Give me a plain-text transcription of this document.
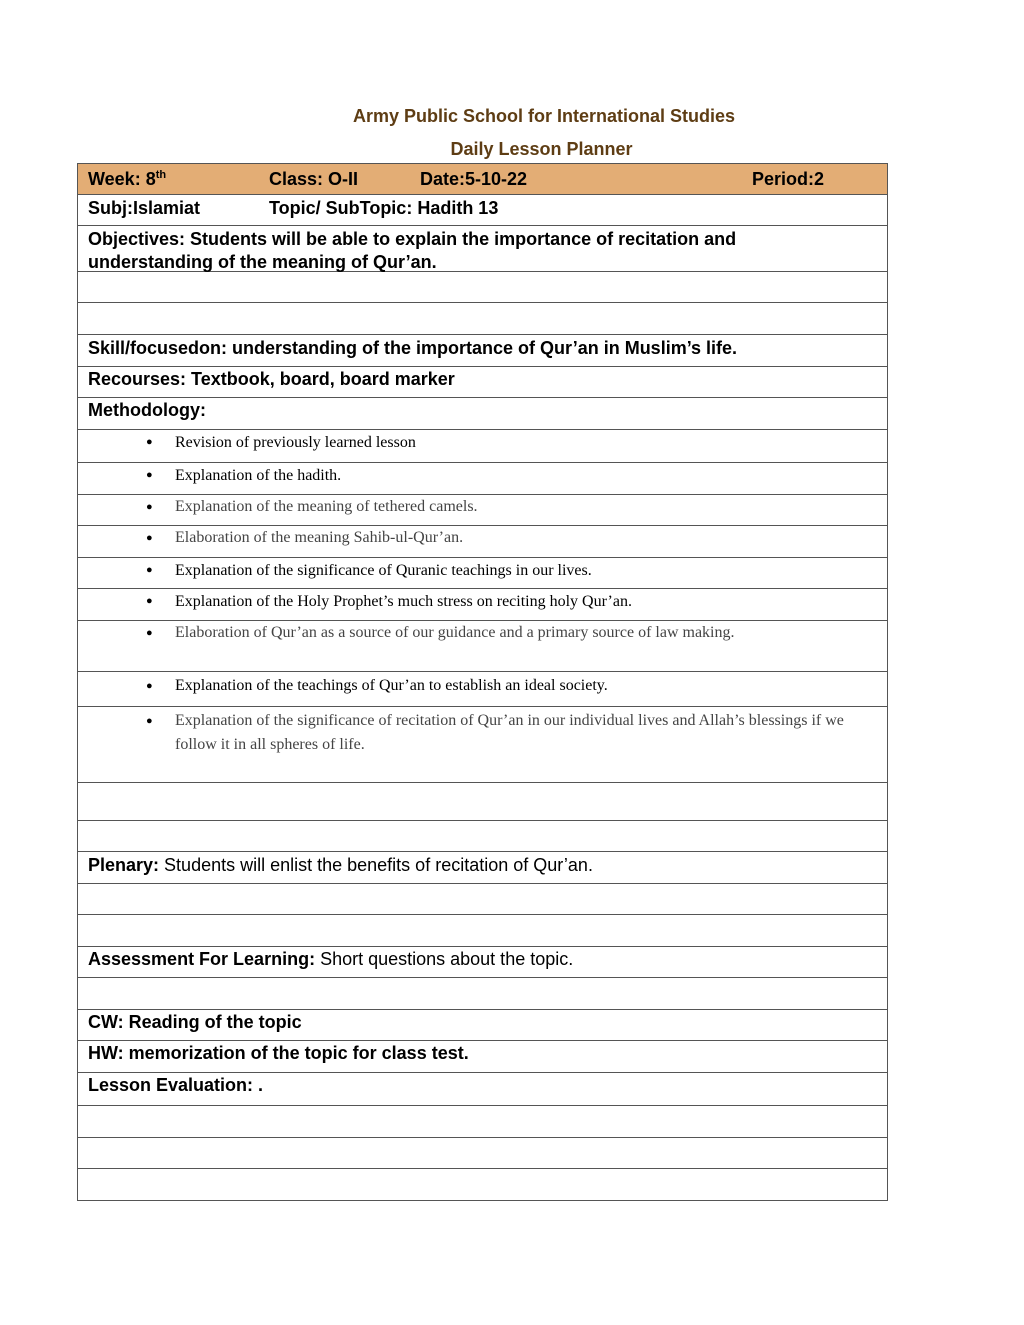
Army Public School for International Studies
Daily Lesson Planner
Week: 8th	Class: O-II	Date:5-10-22	Period:2
Subj:Islamiat	Topic/ SubTopic: Hadith 13
Objectives: Students will be able to explain the importance of recitation and understanding of the meaning of Qur’an.
Skill/focusedon: understanding of the importance of Qur’an in Muslim’s life.
Recourses: Textbook, board, board marker
Methodology:
● Revision of previously learned lesson
● Explanation of the hadith.
● Explanation of the meaning of tethered camels.
● Elaboration of the meaning Sahib-ul-Qur’an.
● Explanation of the significance of Quranic teachings in our lives.
● Explanation of the Holy Prophet’s much stress on reciting holy Qur’an.
● Elaboration of Qur’an as a source of our guidance and a primary source of law making.
● Explanation of the teachings of Qur’an to establish an ideal society.
● Explanation of the significance of recitation of Qur’an in our individual lives and Allah’s blessings if we follow it in all spheres of life.
Plenary: Students will enlist the benefits of recitation of Qur’an.
Assessment For Learning: Short questions about the topic.
CW: Reading of the topic
HW: memorization of the topic for class test.
Lesson Evaluation: .
